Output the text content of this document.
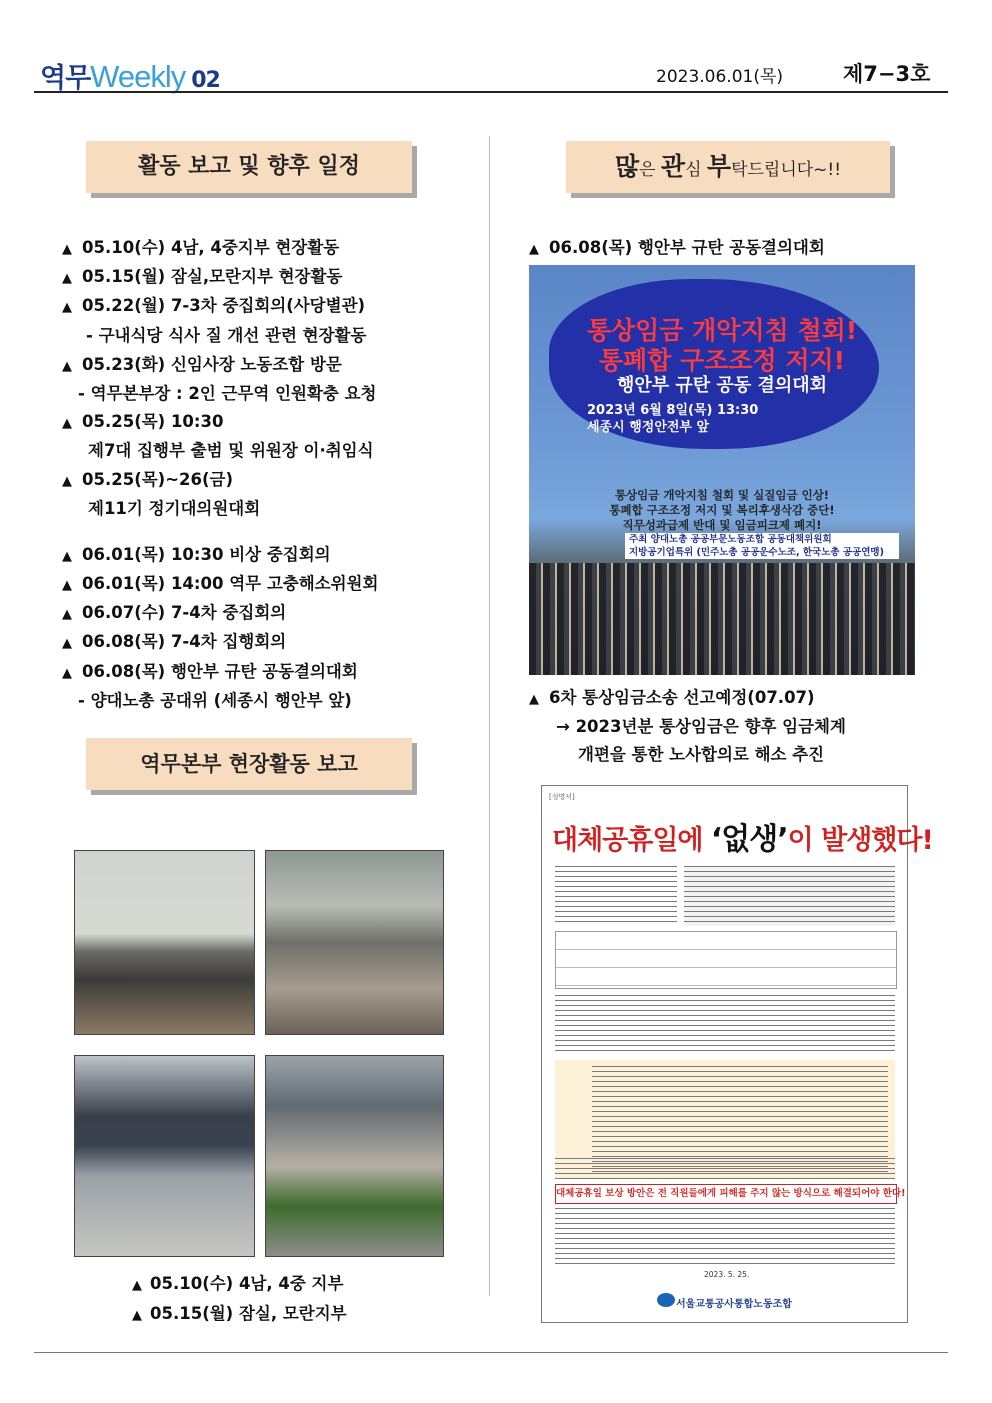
역무Weekly 02	2023.06.01(목)	제7−3호
활동 보고 및 향후 일정
▲ 05.10(수) 4남, 4중지부 현장활동
▲ 05.15(월) 잠실,모란지부 현장활동
▲ 05.22(월) 7-3차 중집회의(사당별관)
- 구내식당 식사 질 개선 관련 현장활동
▲ 05.23(화) 신임사장 노동조합 방문
- 역무본부장 : 2인 근무역 인원확충 요청
▲ 05.25(목) 10:30
제7대 집행부 출범 및 위원장 이·취임식
▲ 05.25(목)~26(금)
제11기 정기대의원대회
▲ 06.01(목) 10:30 비상 중집회의
▲ 06.01(목) 14:00 역무 고충해소위원회
▲ 06.07(수) 7-4차 중집회의
▲ 06.08(목) 7-4차 집행회의
▲ 06.08(목) 행안부 규탄 공동결의대회
- 양대노총 공대위 (세종시 행안부 앞)
역무본부 현장활동 보고
▲ 05.10(수) 4남, 4중 지부
▲ 05.15(월) 잠실, 모란지부
많은 관심 부탁드립니다~!!
▲ 06.08(목) 행안부 규탄 공동결의대회
통상임금 개악지침 철회!
통폐합 구조조정 저지!
행안부 규탄 공동 결의대회
2023년 6월 8일(목) 13:30
세종시 행정안전부 앞
통상임금 개악지침 철회 및 실질임금 인상!
통폐합 구조조정 저지 및 복리후생삭감 중단!
직무성과급제 반대 및 임금피크제 폐지!
주최 양대노총 공공부문노동조합 공동대책위원회
지방공기업특위 (민주노총 공공운수노조, 한국노총 공공연맹)
▲ 6차 통상임금소송 선고예정(07.07)
→ 2023년분 통상임금은 향후 임금체계
개편을 통한 노사합의로 해소 추진
[성명서]
대체공휴일에 ‘없생’이 발생했다!
대체공휴일 보상 방안은 전 직원들에게 피해를 주지 않는 방식으로 해결되어야 한다!
2023. 5. 25.
서울교통공사통합노동조합
